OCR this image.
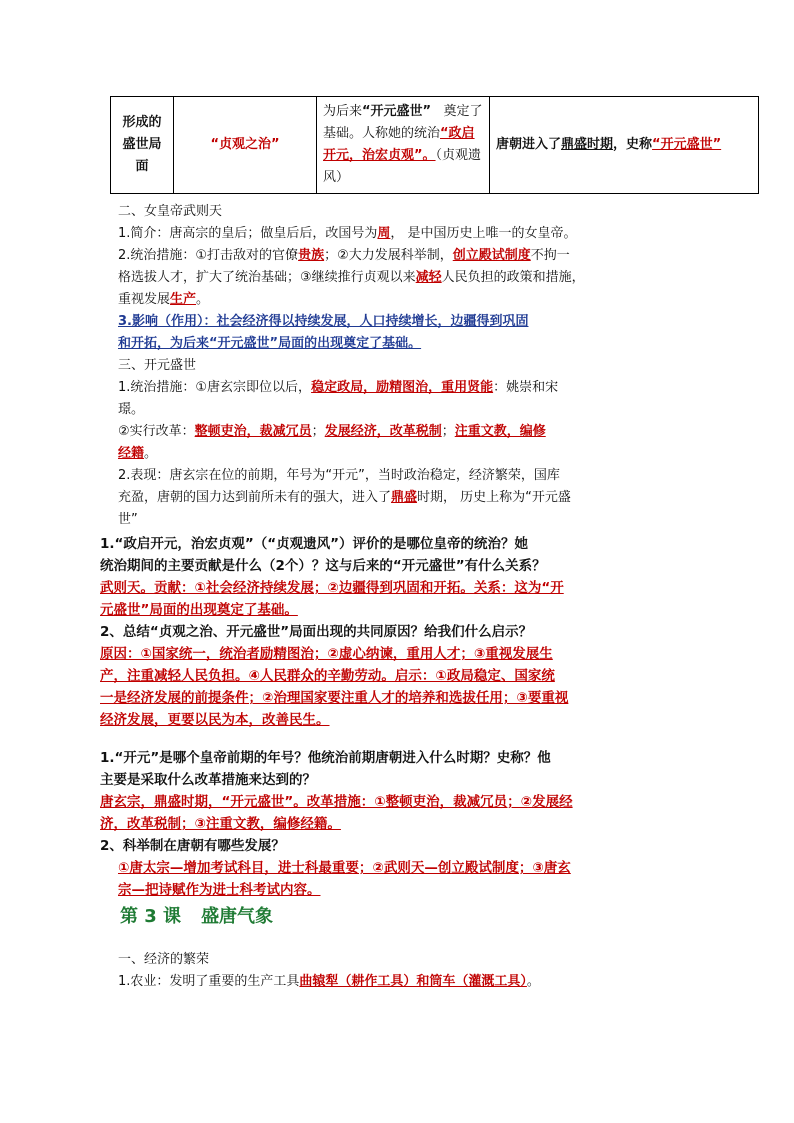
形成的盛世局面	“贞观之治”	为后来“开元盛世” 奠定了基础。人称她的统治“政启开元，治宏贞观”。（贞观遗风）	唐朝进入了鼎盛时期，史称“开元盛世”
二、女皇帝武则天
1.简介：唐高宗的皇后；做皇后后，改国号为周， 是中国历史上唯一的女皇帝。
2.统治措施：①打击敌对的官僚贵族；②大力发展科举制，创立殿试制度不拘一
格选拔人才，扩大了统治基础；③继续推行贞观以来减轻人民负担的政策和措施，
重视发展生产。
3.影响（作用）：社会经济得以持续发展，人口持续增长，边疆得到巩固
和开拓，为后来“开元盛世”局面的出现奠定了基础。
三、开元盛世
1.统治措施：①唐玄宗即位以后，稳定政局，励精图治，重用贤能：姚崇和宋
璟。
②实行改革：整顿吏治，裁减冗员；发展经济，改革税制；注重文教，编修
经籍。
2.表现：唐玄宗在位的前期，年号为“开元”，当时政治稳定，经济繁荣，国库
充盈，唐朝的国力达到前所未有的强大，进入了鼎盛时期， 历史上称为“开元盛
世”
1.“政启开元，治宏贞观”（“贞观遗风”）评价的是哪位皇帝的统治？她
统治期间的主要贡献是什么（2个）？这与后来的“开元盛世”有什么关系？
武则天。贡献：①社会经济持续发展；②边疆得到巩固和开拓。关系：这为“开
元盛世”局面的出现奠定了基础。
2、总结“贞观之治、开元盛世”局面出现的共同原因？给我们什么启示？
原因：①国家统一，统治者励精图治；②虚心纳谏，重用人才；③重视发展生
产，注重减轻人民负担。④人民群众的辛勤劳动。启示：①政局稳定、国家统
一是经济发展的前提条件；②治理国家要注重人才的培养和选拔任用；③要重视
经济发展，更要以民为本，改善民生。
1.“开元”是哪个皇帝前期的年号？他统治前期唐朝进入什么时期？史称？他
主要是采取什么改革措施来达到的？
唐玄宗，鼎盛时期，“开元盛世”。改革措施：①整顿吏治，裁减冗员；②发展经
济，改革税制；③注重文教，编修经籍。
2、科举制在唐朝有哪些发展？
①唐太宗—增加考试科目，进士科最重要；②武则天—创立殿试制度；③唐玄
宗—把诗赋作为进士科考试内容。
第 3 课 盛唐气象
一、经济的繁荣
1.农业：发明了重要的生产工具曲辕犁（耕作工具）和筒车（灌溉工具）。
